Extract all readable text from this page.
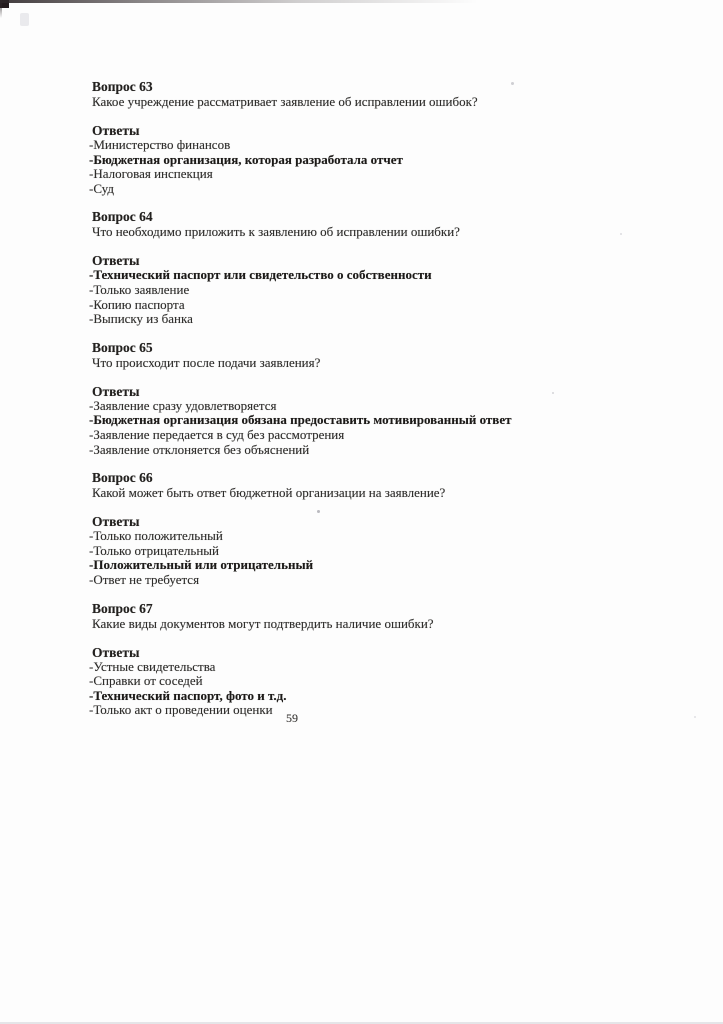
Вопрос 63

Какое учреждение рассматривает заявление об исправлении ошибок?

Ответы

-Министерство финансов

-Бюджетная организация, которая разработала отчет

-Налоговая инспекция

-Суд

Вопрос 64

Что необходимо приложить к заявлению об исправлении ошибки?

Ответы

-Технический паспорт или свидетельство о собственности

-Только заявление

-Копию паспорта

-Выписку из банка

Вопрос 65

Что происходит после подачи заявления?

Ответы

-Заявление сразу удовлетворяется

-Бюджетная организация обязана предоставить мотивированный ответ

-Заявление передается в суд без рассмотрения

-Заявление отклоняется без объяснений

Вопрос 66

Какой может быть ответ бюджетной организации на заявление?

Ответы

-Только положительный

-Только отрицательный

-Положительный или отрицательный

-Ответ не требуется

Вопрос 67

Какие виды документов могут подтвердить наличие ошибки?

Ответы

-Устные свидетельства

-Справки от соседей

-Технический паспорт, фото и т.д.

-Только акт о проведении оценки

59
